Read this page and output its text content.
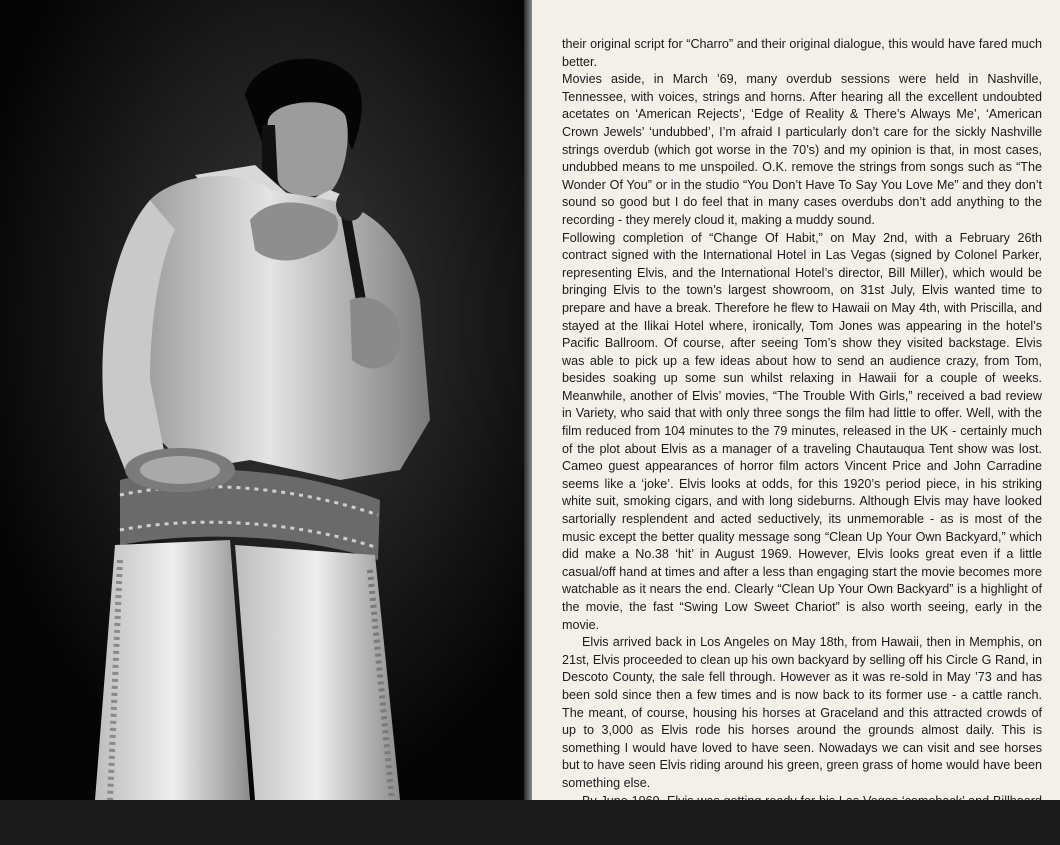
their original script for “Charro” and their original dialogue, this would have fared much better.

Movies aside, in March ’69, many overdub sessions were held in Nashville, Tennessee, with voices, strings and horns. After hearing all the excellent undoubted acetates on ‘American Rejects’, ‘Edge of Reality & There’s Always Me’, ‘American Crown Jewels’ ‘undubbed’, I’m afraid I particularly don’t care for the sickly Nashville strings overdub (which got worse in the 70’s) and my opinion is that, in most cases, undubbed means to me unspoiled. O.K. remove the strings from songs such as “The Wonder Of You” or in the studio “You Don’t Have To Say You Love Me” and they don’t sound so good but I do feel that in many cases overdubs don’t add anything to the recording - they merely cloud it, making a muddy sound.

Following completion of “Change Of Habit,” on May 2nd, with a February 26th contract signed with the International Hotel in Las Vegas (signed by Colonel Parker, representing Elvis, and the International Hotel’s director, Bill Miller), which would be bringing Elvis to the town’s largest showroom, on 31st July, Elvis wanted time to prepare and have a break. Therefore he flew to Hawaii on May 4th, with Priscilla, and stayed at the Ilikai Hotel where, ironically, Tom Jones was appearing in the hotel’s Pacific Ballroom. Of course, after seeing Tom’s show they visited backstage. Elvis was able to pick up a few ideas about how to send an audience crazy, from Tom, besides soaking up some sun whilst relaxing in Hawaii for a couple of weeks. Meanwhile, another of Elvis’ movies, “The Trouble With Girls,” received a bad review in Variety, who said that with only three songs the film had little to offer. Well, with the film reduced from 104 minutes to the 79 minutes, released in the UK - certainly much of the plot about Elvis as a manager of a traveling Chautauqua Tent show was lost. Cameo guest appearances of horror film actors Vincent Price and John Carradine seems like a ‘joke’. Elvis looks at odds, for this 1920’s period piece, in his striking white suit, smoking cigars, and with long sideburns. Although Elvis may have looked sartorially resplendent and acted seductively, its unmemorable - as is most of the music except the better quality message song “Clean Up Your Own Backyard,” which did make a No.38 ‘hit’ in August 1969. However, Elvis looks great even if a little casual/off hand at times and after a less than engaging start the movie becomes more watchable as it nears the end. Clearly “Clean Up Your Own Backyard” is a highlight of the movie, the fast “Swing Low Sweet Chariot” is also worth seeing, early in the movie.

Elvis arrived back in Los Angeles on May 18th, from Hawaii, then in Memphis, on 21st, Elvis proceeded to clean up his own backyard by selling off his Circle G Rand, in Descoto County, the sale fell through. However as it was re-sold in May ’73 and has been sold since then a few times and is now back to its former use - a cattle ranch. The meant, of course, housing his horses at Graceland and this attracted crowds of up to 3,000 as Elvis rode his horses around the grounds almost daily. This is something I would have loved to have seen. Nowadays we can visit and see horses but to have seen Elvis riding around his green, green grass of home would have been something else.

By June 1969, Elvis was getting ready for his Las Vegas ‘comeback’ and Billboard reviewed Elvis’ newly released album “From Elvis In Memphis,” saying what we all agreed on - ‘He’s never sounded better and the choice of material is
